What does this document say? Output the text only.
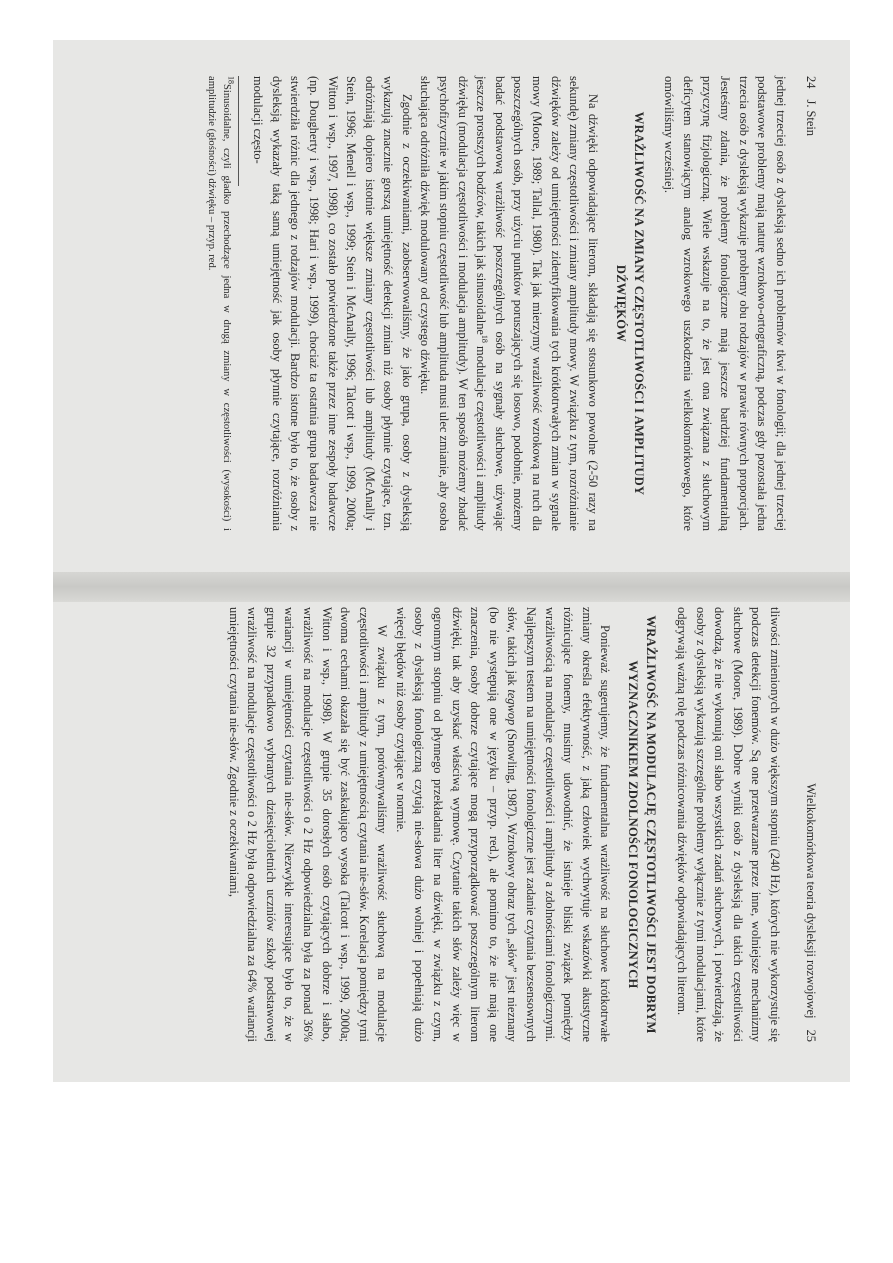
24 J. Stein

jednej trzeciej osób z dysleksją sedno ich problemów tkwi w fonologii; dla jednej trzeciej podstawowe problemy mają naturę wzrokowo-ortograficzną, podczas gdy pozostała jedna trzecia osób z dysleksją wykazuje problemy obu rodzajów w prawie równych proporcjach. Jesteśmy zdania, że problemy fonologiczne mają jeszcze bardziej fundamentalną przyczynę fizjologiczną. Wiele wskazuje na to, że jest ona związana z słuchowym deficytem stanowiącym analog wzrokowego uszkodzenia wielkokomórkowego, które omówiliśmy wcześniej.

WRAŻLIWOŚĆ NA ZMIANY CZĘSTOTLIWOŚCI I AMPLITUDY DŹWIĘKÓW

Na dźwięki odpowiadające literom, składają się stosunkowo powolne (2-50 razy na sekundę) zmiany częstotliwości i zmiany amplitudy mowy. W związku z tym, rozróżnianie dźwięków zależy od umiejętności zidentyfikowania tych krótkotrwałych zmian w sygnale mowy (Moore, 1989; Tallal, 1980). Tak jak mierzymy wrażliwość wzrokową na ruch dla poszczególnych osób, przy użyciu punktów poruszających się losowo, podobnie, możemy badać podstawową wrażliwość poszczególnych osób na sygnały słuchowe, używając jeszcze prostszych bodźców, takich jak sinusoidalne$^{18}$ modulacje częstotliwości i amplitudy dźwięku (modulacja częstotliwości i modulacja amplitudy). W ten sposób możemy zbadać psychofizycznie w jakim stopniu częstotliwość lub amplituda musi ulec zmianie, aby osoba słuchająca odróżniła dźwięk modulowany od czystego dźwięku.

Zgodnie z oczekiwaniami, zaobserwowaliśmy, że jako grupa, osoby z dysleksją wykazują znacznie gorszą umiejętność detekcji zmian niż osoby płynnie czytające, tzn. odróżniają dopiero istotnie większe zmiany częstotliwości lub amplitudy (McAnally i Stein, 1996; Menell i wsp., 1999; Stein i McAnally, 1996; Talcott i wsp., 1999, 2000a; Witton i wsp., 1997, 1998), co zostało potwierdzone także przez inne zespoły badawcze (np. Dougherty i wsp., 1998; Hari i wsp., 1999), chociaż ta ostatnia grupa badawcza nie stwierdziła różnic dla jednego z rodzajów modulacji. Bardzo istotne było to, że osoby z dysleksją wykazały taką samą umiejętność jak osoby płynnie czytające, rozróżniania modulacji często-

$^{18}$Sinusoidalne, czyli gładko przechodzące jedna w drugą zmiany w częstotliwości (wysokości) i amplitudzie (głośności) dźwięku – przyp. red.

Wielkokomórkowa teoria dysleksji rozwojowej 25

tliwości zmienionych w dużo większym stopniu (240 Hz), których nie wykorzystuje się podczas detekcji fonemów. Są one przetwarzane przez inne, wolniejsze mechanizmy słuchowe (Moore, 1989). Dobre wyniki osób z dysleksją dla takich częstotliwości dowodzą, że nie wykonują oni słabo wszystkich zadań słuchowych, i potwierdzają, że osoby z dysleksją wykazują szczególne problemy wyłącznie z tymi modulacjami, które odgrywają ważną rolę podczas różnicowania dźwięków odpowiadających literom.

WRAŻLIWOŚĆ NA MODULACJĘ CZĘSTOTLIWOŚCI JEST DOBRYM WYZNACZNIKIEM ZDOLNOŚCI FONOLOGICZNYCH

Ponieważ sugerujemy, że fundamentalna wrażliwość na słuchowe krótkotrwałe zmiany określa efektywność, z jaką człowiek wychwytuje wskazówki akustyczne różnicujące fonemy, musimy udowodnić, że istnieje bliski związek pomiędzy wrażliwością na modulacje częstotliwości i amplitudy a zdolnościami fonologicznymi. Najlepszym testem na umiejętności fonologiczne jest zadanie czytania bezsensownych słów, takich jak tegwop (Snowling, 1987). Wzrokowy obraz tych „słów” jest nieznany (bo nie występują one w języku – przyp. red.), ale pomimo to, że nie mają one znaczenia, osoby dobrze czytające mogą przyporządkować poszczególnym literom dźwięki, tak aby uzyskać właściwą wymowę. Czytanie takich słów zależy więc w ogromnym stopniu od płynnego przekładania liter na dźwięki, w związku z czym, osoby z dysleksją fonologiczną czytają nie-słowa dużo wolniej i popełniają dużo więcej błędów niż osoby czytające w normie.

W związku z tym, porównywaliśmy wrażliwość słuchową na modulacje częstotliwości i amplitudy z umiejętnością czytania nie-słów. Korelacja pomiędzy tymi dwoma cechami okazała się być zaskakująco wysoka (Talcott i wsp., 1999, 2000a; Witton i wsp., 1998). W grupie 35 dorosłych osób czytających dobrze i słabo, wrażliwość na modulacje częstotliwości o 2 Hz odpowiedzialna była za ponad 36% wariancji w umiejętności czytania nie-słów. Niezwykle interesujące było to, że w grupie 32 przypadkowo wybranych dziesięcioletnich uczniów szkoły podstawowej wrażliwość na modulacje częstotliwości o 2 Hz była odpowiedzialna za 64% wariancji umiejętności czytania nie-słów. Zgodnie z oczekiwaniami,
